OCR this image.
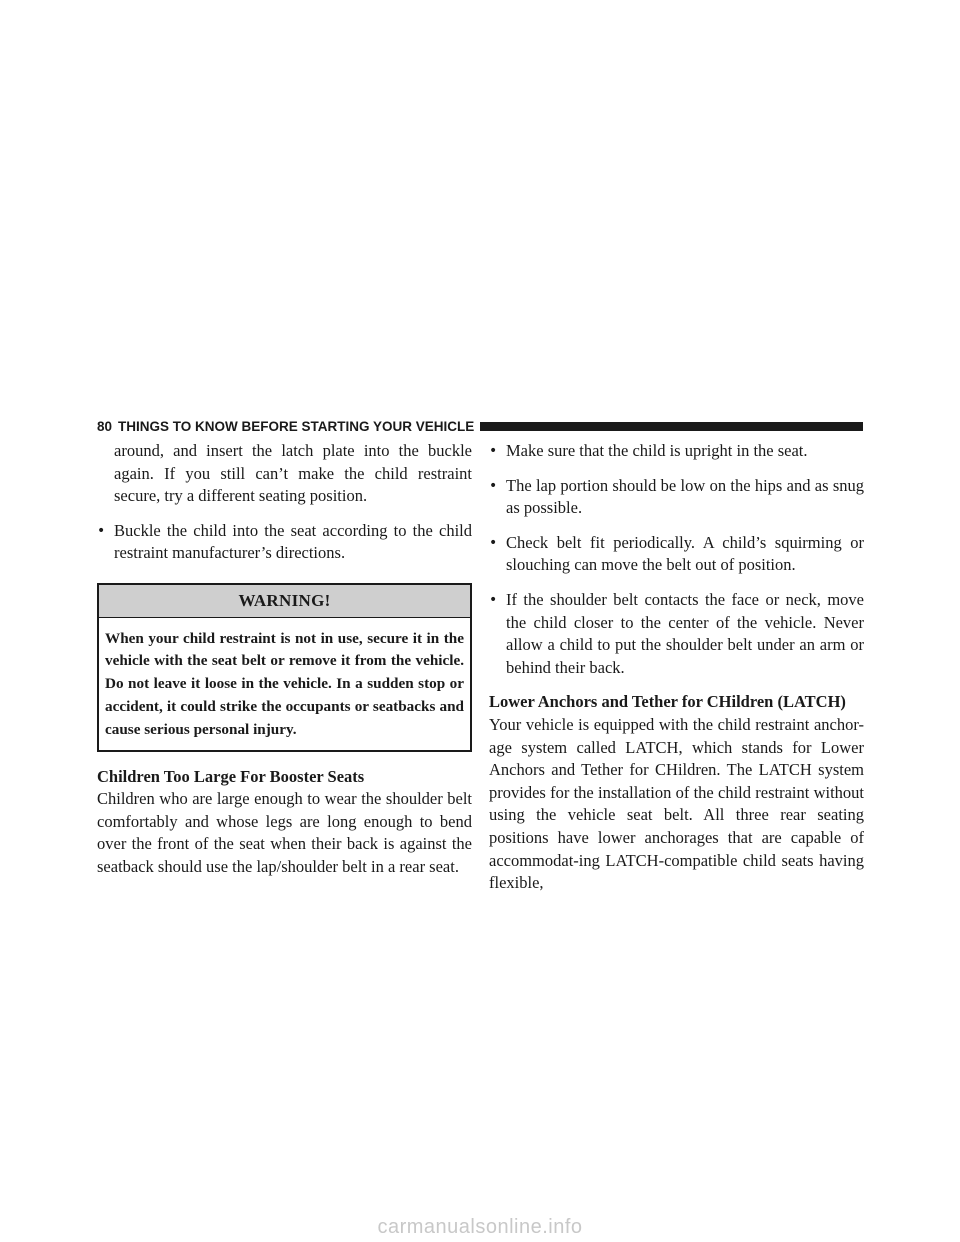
80 THINGS TO KNOW BEFORE STARTING YOUR VEHICLE

around, and insert the latch plate into the buckle again. If you still can’t make the child restraint secure, try a different seating position.

• Buckle the child into the seat according to the child restraint manufacturer’s directions.

WARNING!
When your child restraint is not in use, secure it in the vehicle with the seat belt or remove it from the vehicle. Do not leave it loose in the vehicle. In a sudden stop or accident, it could strike the occupants or seatbacks and cause serious personal injury.

Children Too Large For Booster Seats

Children who are large enough to wear the shoulder belt comfortably and whose legs are long enough to bend over the front of the seat when their back is against the seatback should use the lap/shoulder belt in a rear seat.

• Make sure that the child is upright in the seat.

• The lap portion should be low on the hips and as snug as possible.

• Check belt fit periodically. A child’s squirming or slouching can move the belt out of position.

• If the shoulder belt contacts the face or neck, move the child closer to the center of the vehicle. Never allow a child to put the shoulder belt under an arm or behind their back.

Lower Anchors and Tether for CHildren (LATCH)

Your vehicle is equipped with the child restraint anchor-age system called LATCH, which stands for Lower Anchors and Tether for CHildren. The LATCH system provides for the installation of the child restraint without using the vehicle seat belt. All three rear seating positions have lower anchorages that are capable of accommodat-ing LATCH-compatible child seats having flexible,

carmanualsonline.info
